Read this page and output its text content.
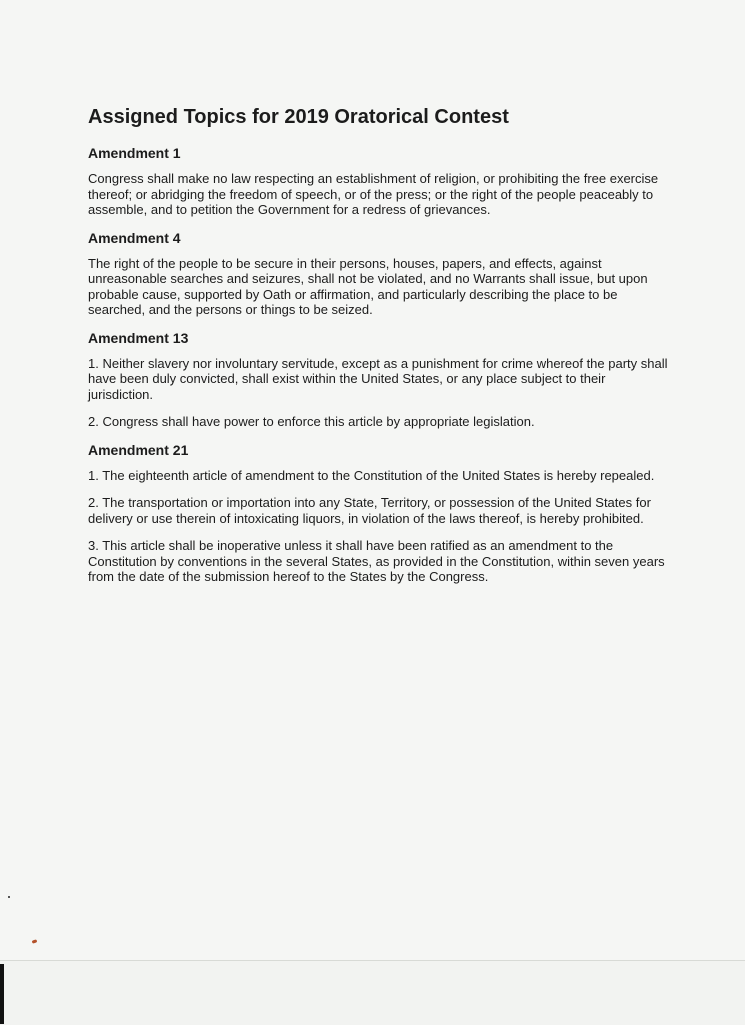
Assigned Topics for 2019 Oratorical Contest
Amendment 1

Congress shall make no law respecting an establishment of religion, or prohibiting the free exercise thereof; or abridging the freedom of speech, or of the press; or the right of the people peaceably to assemble, and to petition the Government for a redress of grievances.

Amendment 4

The right of the people to be secure in their persons, houses, papers, and effects, against unreasonable searches and seizures, shall not be violated, and no Warrants shall issue, but upon probable cause, supported by Oath or affirmation, and particularly describing the place to be searched, and the persons or things to be seized.

Amendment 13

1. Neither slavery nor involuntary servitude, except as a punishment for crime whereof the party shall have been duly convicted, shall exist within the United States, or any place subject to their jurisdiction.

2. Congress shall have power to enforce this article by appropriate legislation.

Amendment 21

1. The eighteenth article of amendment to the Constitution of the United States is hereby repealed.

2. The transportation or importation into any State, Territory, or possession of the United States for delivery or use therein of intoxicating liquors, in violation of the laws thereof, is hereby prohibited.

3. This article shall be inoperative unless it shall have been ratified as an amendment to the Constitution by conventions in the several States, as provided in the Constitution, within seven years from the date of the submission hereof to the States by the Congress.
